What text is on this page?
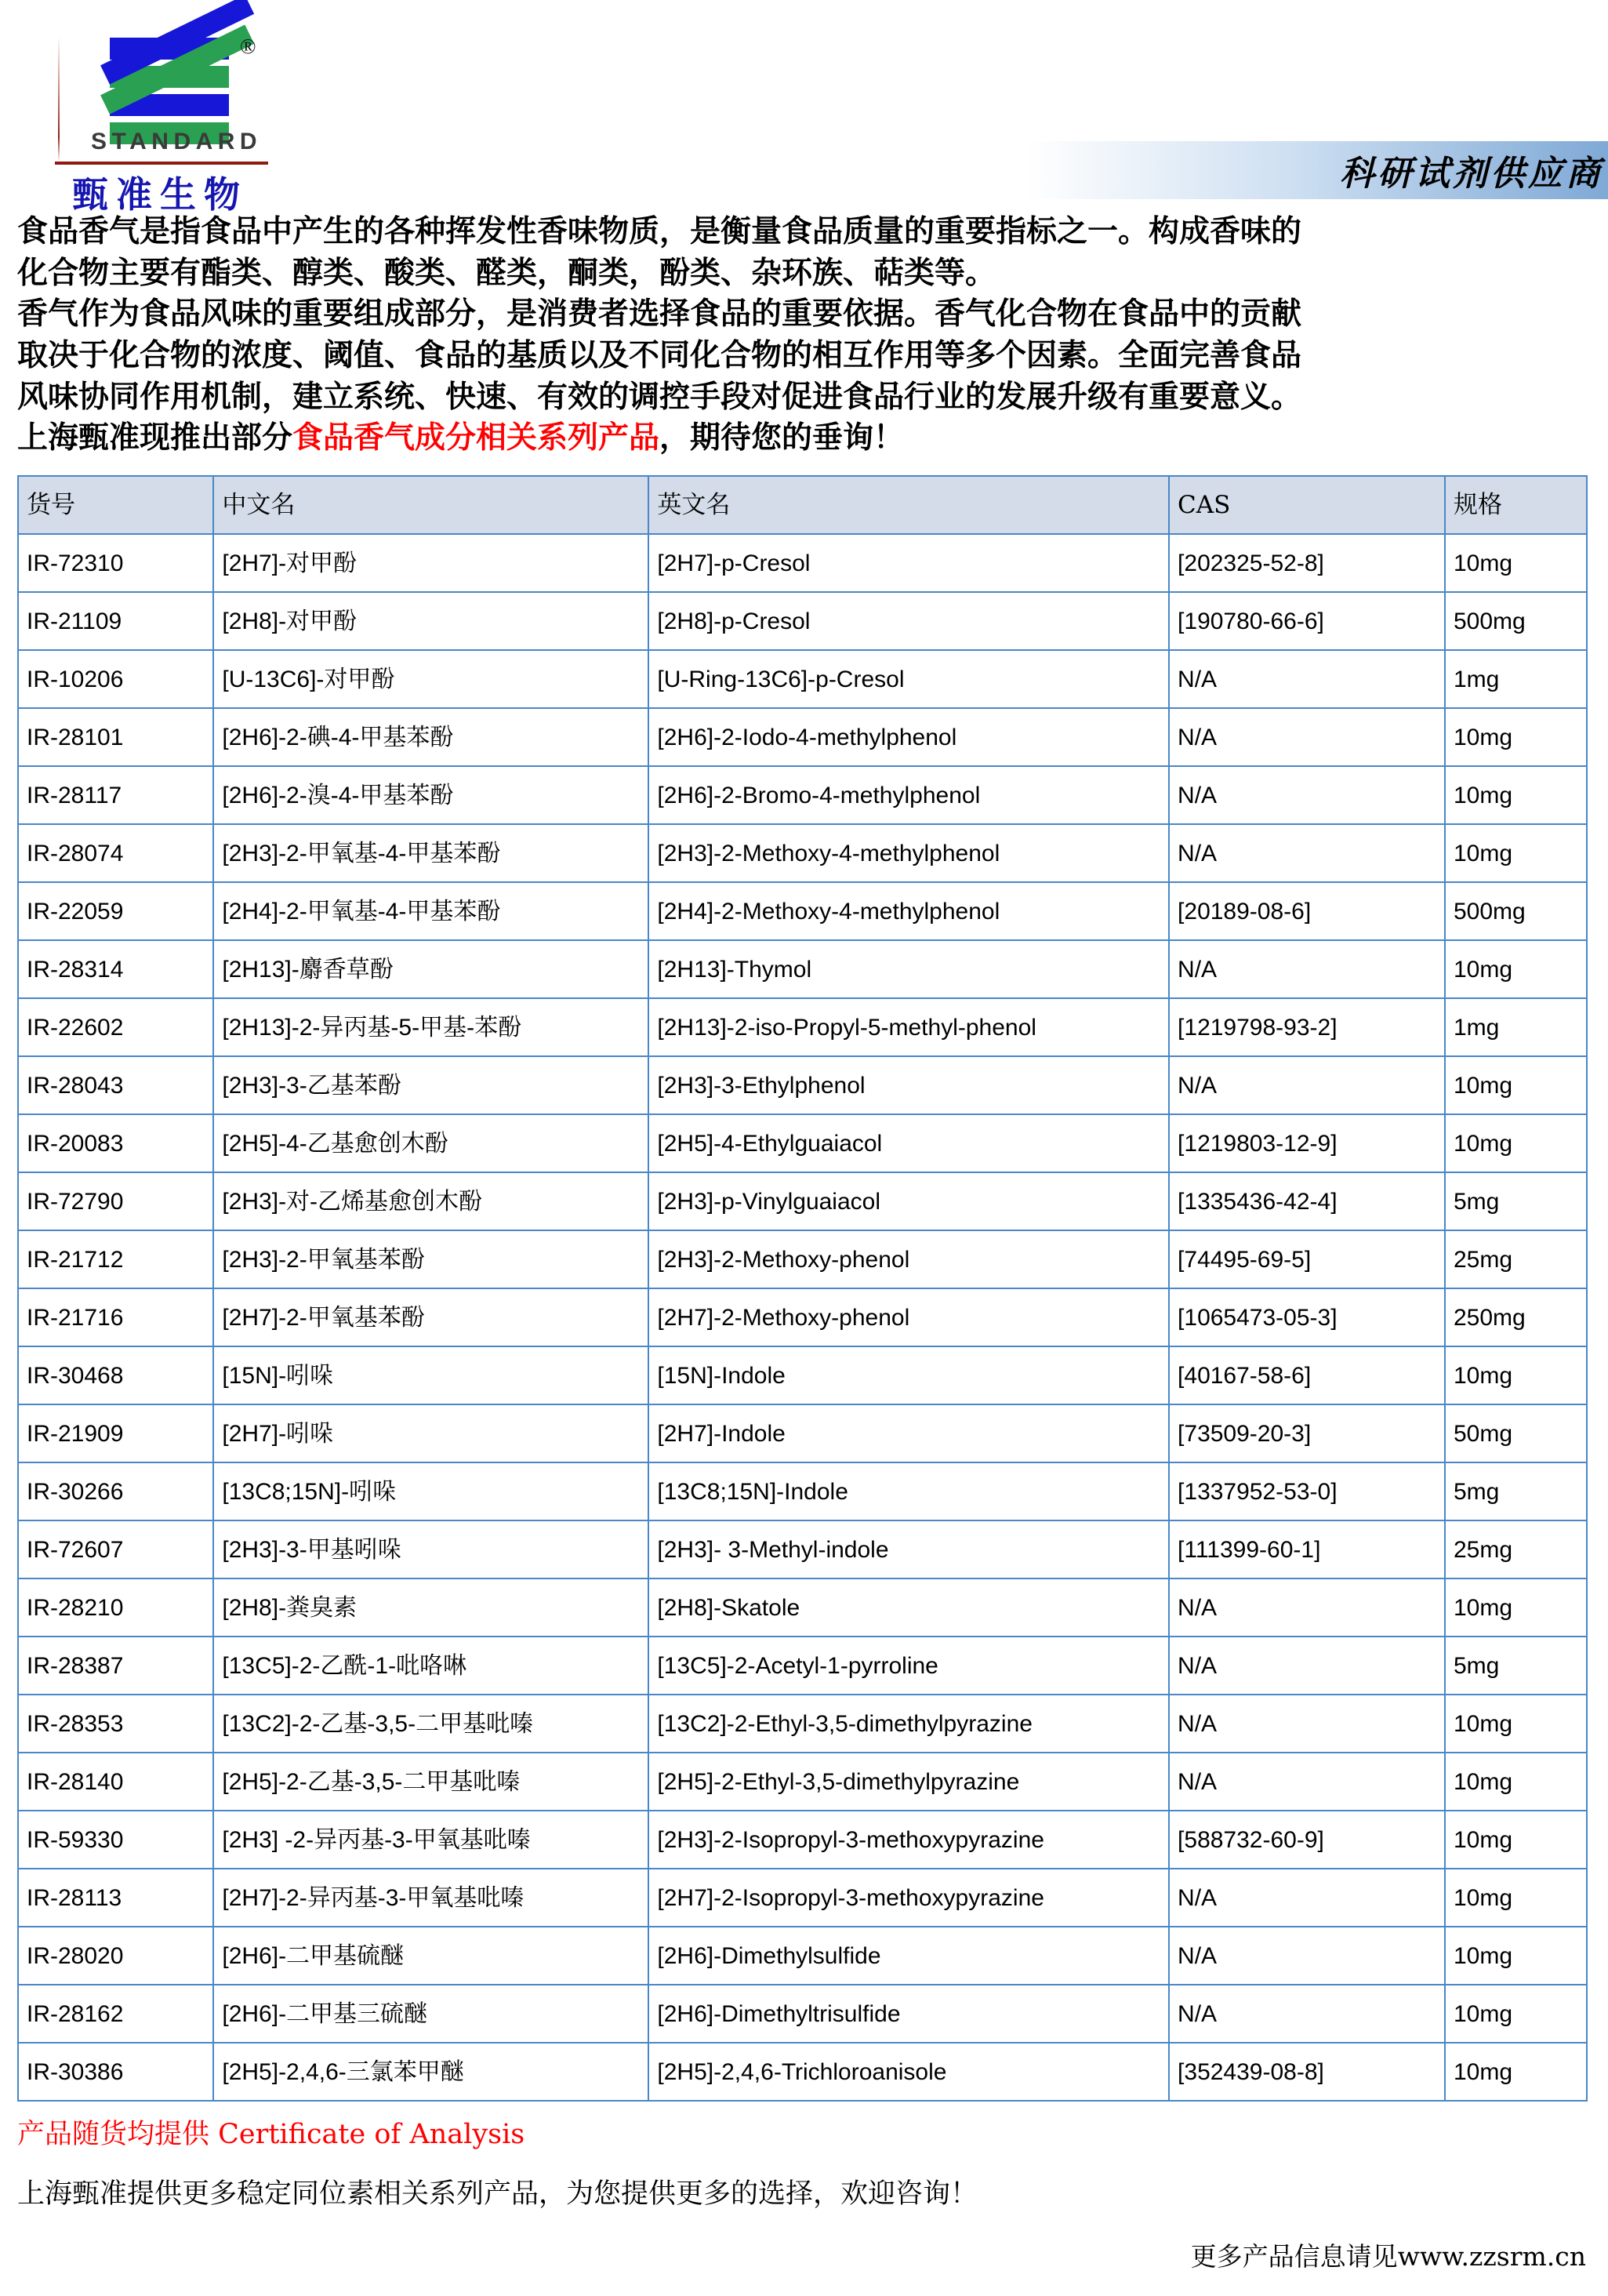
®
STANDARD
甄准生物	科研试剂供应商

食品香气是指食品中产生的各种挥发性香味物质，是衡量食品质量的重要指标之一。构成香味的

化合物主要有酯类、醇类、酸类、醛类，酮类，酚类、杂环族、萜类等。

香气作为食品风味的重要组成部分，是消费者选择食品的重要依据。香气化合物在食品中的贡献

取决于化合物的浓度、阈值、食品的基质以及不同化合物的相互作用等多个因素。全面完善食品

风味协同作用机制，建立系统、快速、有效的调控手段对促进食品行业的发展升级有重要意义。

上海甄准现推出部分食品香气成分相关系列产品，期待您的垂询！

货号	中文名	英文名	CAS	规格
IR-72310	[2H7]-对甲酚	[2H7]-p-Cresol	[202325-52-8]	10mg
IR-21109	[2H8]-对甲酚	[2H8]-p-Cresol	[190780-66-6]	500mg
IR-10206	[U-13C6]-对甲酚	[U-Ring-13C6]-p-Cresol	N/A	1mg
IR-28101	[2H6]-2-碘-4-甲基苯酚	[2H6]-2-Iodo-4-methylphenol	N/A	10mg
IR-28117	[2H6]-2-溴-4-甲基苯酚	[2H6]-2-Bromo-4-methylphenol	N/A	10mg
IR-28074	[2H3]-2-甲氧基-4-甲基苯酚	[2H3]-2-Methoxy-4-methylphenol	N/A	10mg
IR-22059	[2H4]-2-甲氧基-4-甲基苯酚	[2H4]-2-Methoxy-4-methylphenol	[20189-08-6]	500mg
IR-28314	[2H13]-麝香草酚	[2H13]-Thymol	N/A	10mg
IR-22602	[2H13]-2-异丙基-5-甲基-苯酚	[2H13]-2-iso-Propyl-5-methyl-phenol	[1219798-93-2]	1mg
IR-28043	[2H3]-3-乙基苯酚	[2H3]-3-Ethylphenol	N/A	10mg
IR-20083	[2H5]-4-乙基愈创木酚	[2H5]-4-Ethylguaiacol	[1219803-12-9]	10mg
IR-72790	[2H3]-对-乙烯基愈创木酚	[2H3]-p-Vinylguaiacol	[1335436-42-4]	5mg
IR-21712	[2H3]-2-甲氧基苯酚	[2H3]-2-Methoxy-phenol	[74495-69-5]	25mg
IR-21716	[2H7]-2-甲氧基苯酚	[2H7]-2-Methoxy-phenol	[1065473-05-3]	250mg
IR-30468	[15N]-吲哚	[15N]-Indole	[40167-58-6]	10mg
IR-21909	[2H7]-吲哚	[2H7]-Indole	[73509-20-3]	50mg
IR-30266	[13C8;15N]-吲哚	[13C8;15N]-Indole	[1337952-53-0]	5mg
IR-72607	[2H3]-3-甲基吲哚	[2H3]- 3-Methyl-indole	[111399-60-1]	25mg
IR-28210	[2H8]-粪臭素	[2H8]-Skatole	N/A	10mg
IR-28387	[13C5]-2-乙酰-1-吡咯啉	[13C5]-2-Acetyl-1-pyrroline	N/A	5mg
IR-28353	[13C2]-2-乙基-3,5-二甲基吡嗪	[13C2]-2-Ethyl-3,5-dimethylpyrazine	N/A	10mg
IR-28140	[2H5]-2-乙基-3,5-二甲基吡嗪	[2H5]-2-Ethyl-3,5-dimethylpyrazine	N/A	10mg
IR-59330	[2H3] -2-异丙基-3-甲氧基吡嗪	[2H3]-2-Isopropyl-3-methoxypyrazine	[588732-60-9]	10mg
IR-28113	[2H7]-2-异丙基-3-甲氧基吡嗪	[2H7]-2-Isopropyl-3-methoxypyrazine	N/A	10mg
IR-28020	[2H6]-二甲基硫醚	[2H6]-Dimethylsulfide	N/A	10mg
IR-28162	[2H6]-二甲基三硫醚	[2H6]-Dimethyltrisulfide	N/A	10mg
IR-30386	[2H5]-2,4,6-三氯苯甲醚	[2H5]-2,4,6-Trichloroanisole	[352439-08-8]	10mg
产品随货均提供 Certificate of Analysis
上海甄准提供更多稳定同位素相关系列产品，为您提供更多的选择，欢迎咨询！
更多产品信息请见www.zzsrm.cn
